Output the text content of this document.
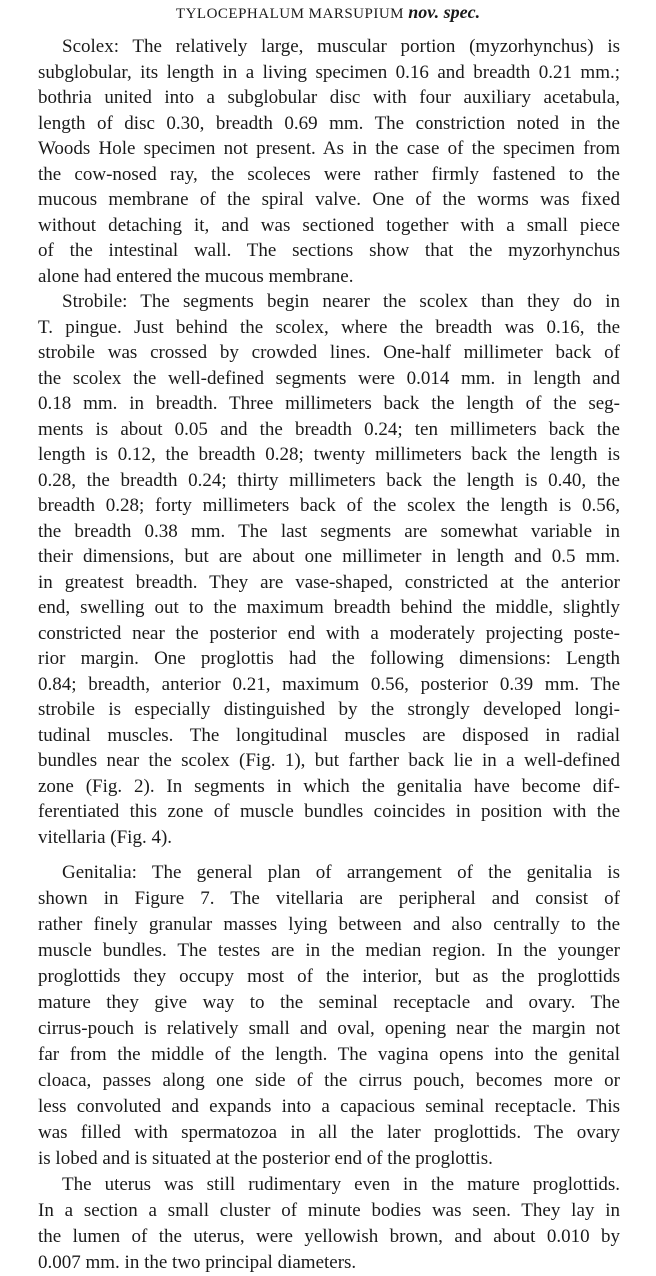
TYLOCEPHALUM MARSUPIUM nov. spec.
Scolex: The relatively large, muscular portion (myzorhynchus) is
subglobular, its length in a living specimen 0.16 and breadth 0.21 mm.;
bothria united into a subglobular disc with four auxiliary acetabula,
length of disc 0.30, breadth 0.69 mm. The constriction noted in the
Woods Hole specimen not present. As in the case of the specimen from
the cow-nosed ray, the scoleces were rather firmly fastened to the
mucous membrane of the spiral valve. One of the worms was fixed
without detaching it, and was sectioned together with a small piece
of the intestinal wall. The sections show that the myzorhynchus
alone had entered the mucous membrane.
Strobile: The segments begin nearer the scolex than they do in
T. pingue. Just behind the scolex, where the breadth was 0.16, the
strobile was crossed by crowded lines. One-half millimeter back of
the scolex the well-defined segments were 0.014 mm. in length and
0.18 mm. in breadth. Three millimeters back the length of the seg-
ments is about 0.05 and the breadth 0.24; ten millimeters back the
length is 0.12, the breadth 0.28; twenty millimeters back the length is
0.28, the breadth 0.24; thirty millimeters back the length is 0.40, the
breadth 0.28; forty millimeters back of the scolex the length is 0.56,
the breadth 0.38 mm. The last segments are somewhat variable in
their dimensions, but are about one millimeter in length and 0.5 mm.
in greatest breadth. They are vase-shaped, constricted at the anterior
end, swelling out to the maximum breadth behind the middle, slightly
constricted near the posterior end with a moderately projecting poste-
rior margin. One proglottis had the following dimensions: Length
0.84; breadth, anterior 0.21, maximum 0.56, posterior 0.39 mm. The
strobile is especially distinguished by the strongly developed longi-
tudinal muscles. The longitudinal muscles are disposed in radial
bundles near the scolex (Fig. 1), but farther back lie in a well-defined
zone (Fig. 2). In segments in which the genitalia have become dif-
ferentiated this zone of muscle bundles coincides in position with the
vitellaria (Fig. 4).
Genitalia: The general plan of arrangement of the genitalia is
shown in Figure 7. The vitellaria are peripheral and consist of
rather finely granular masses lying between and also centrally to the
muscle bundles. The testes are in the median region. In the younger
proglottids they occupy most of the interior, but as the proglottids
mature they give way to the seminal receptacle and ovary. The
cirrus-pouch is relatively small and oval, opening near the margin not
far from the middle of the length. The vagina opens into the genital
cloaca, passes along one side of the cirrus pouch, becomes more or
less convoluted and expands into a capacious seminal receptacle. This
was filled with spermatozoa in all the later proglottids. The ovary
is lobed and is situated at the posterior end of the proglottis.
The uterus was still rudimentary even in the mature proglottids.
In a section a small cluster of minute bodies was seen. They lay in
the lumen of the uterus, were yellowish brown, and about 0.010 by
0.007 mm. in the two principal diameters.
